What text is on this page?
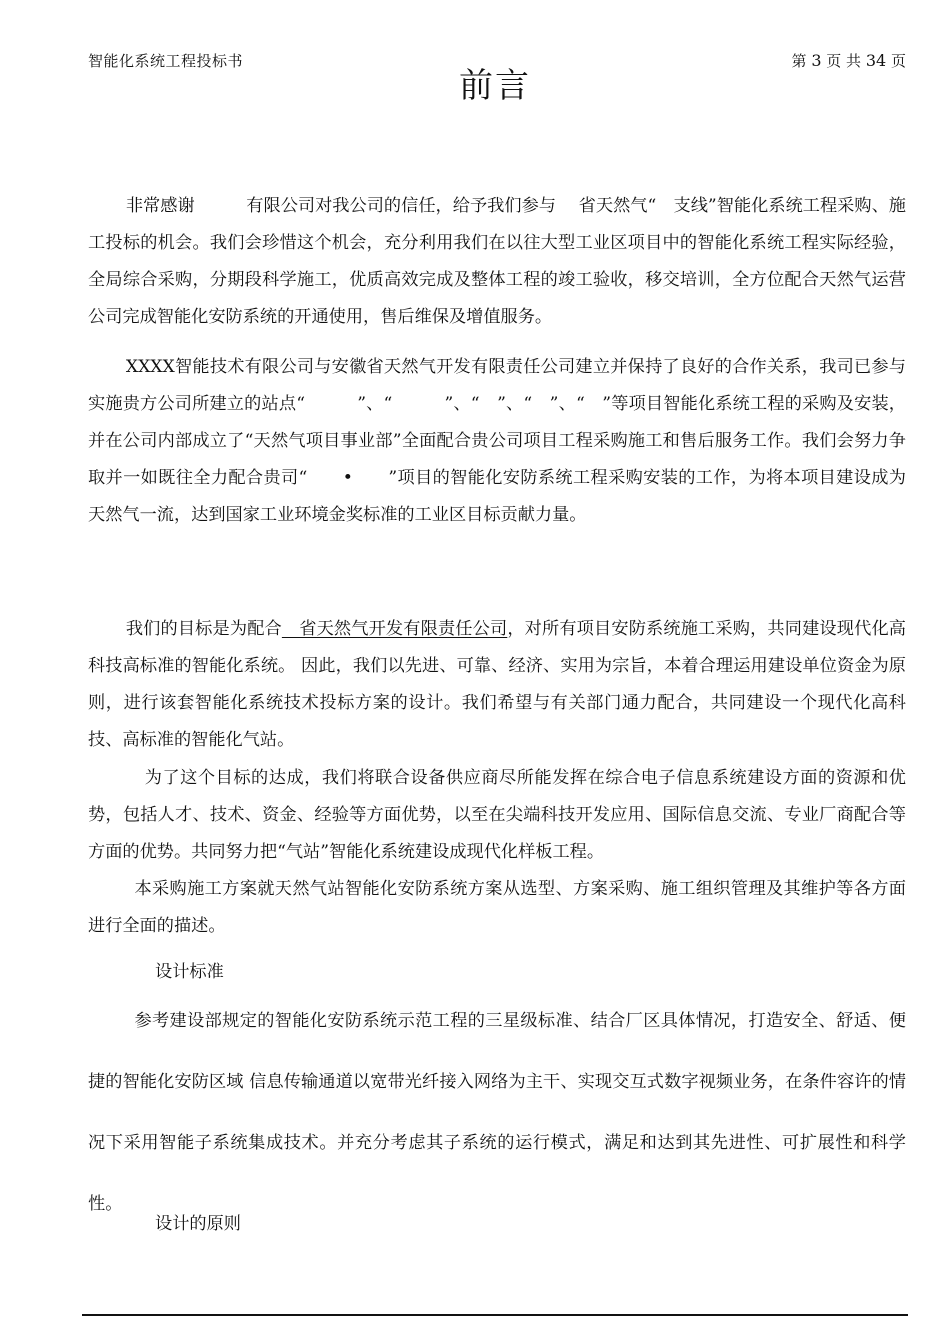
智能化系统工程投标书	第 3 页 共 34 页
前言

非常感谢　　　有限公司对我公司的信任，给予我们参与　 省天然气“　支线”智能化系统工程采购、施工投标的机会。我们会珍惜这个机会，充分利用我们在以往大型工业区项目中的智能化系统工程实际经验，全局综合采购，分期段科学施工，优质高效完成及整体工程的竣工验收，移交培训，全方位配合天然气运营公司完成智能化安防系统的开通使用，售后维保及增值服务。

XXXX智能技术有限公司与安徽省天然气开发有限责任公司建立并保持了良好的合作关系，我司已参与实施贵方公司所建立的站点“　　　”、“　　　”、“　”、“　”、“　”等项目智能化系统工程的采购及安装，并在公司内部成立了“天然气项目事业部”全面配合贵公司项目工程采购施工和售后服务工作。我们会努力争取并一如既往全力配合贵司“　　•　　”项目的智能化安防系统工程采购安装的工作，为将本项目建设成为天然气一流，达到国家工业环境金奖标准的工业区目标贡献力量。

我们的目标是为配合　省天然气开发有限责任公司，对所有项目安防系统施工采购，共同建设现代化高科技高标准的智能化系统。 因此，我们以先进、可靠、经济、实用为宗旨，本着合理运用建设单位资金为原则，进行该套智能化系统技术投标方案的设计。我们希望与有关部门通力配合，共同建设一个现代化高科技、高标准的智能化气站。

为了这个目标的达成，我们将联合设备供应商尽所能发挥在综合电子信息系统建设方面的资源和优势，包括人才、技术、资金、经验等方面优势，以至在尖端科技开发应用、国际信息交流、专业厂商配合等方面的优势。共同努力把“气站”智能化系统建设成现代化样板工程。

本采购施工方案就天然气站智能化安防系统方案从选型、方案采购、施工组织管理及其维护等各方面进行全面的描述。

设计标准

参考建设部规定的智能化安防系统示范工程的三星级标准、结合厂区具体情况，打造安全、舒适、便捷的智能化安防区域 信息传输通道以宽带光纤接入网络为主干、实现交互式数字视频业务，在条件容许的情况下采用智能子系统集成技术。并充分考虑其子系统的运行模式，满足和达到其先进性、可扩展性和科学性。

设计的原则
